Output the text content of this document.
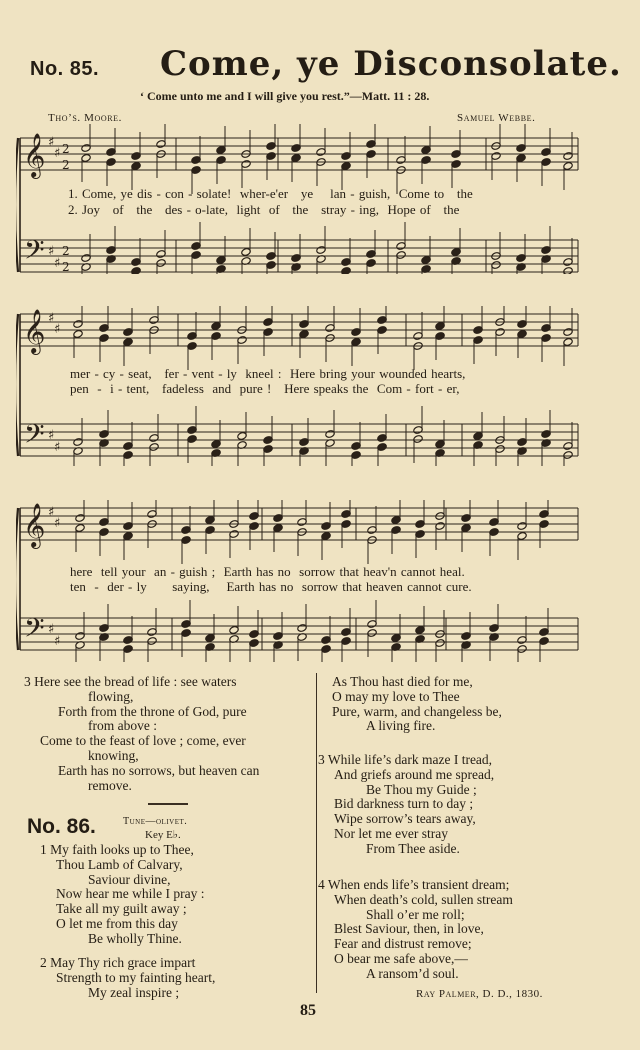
No. 85. Come, ye Disconsolate.
‘ Come unto me and I will give you rest.”—Matt. 11 : 28.
Tho’s. Moore.	Samuel Webbe.
𝄞
𝄢
♯
♯
♯
♯
2
2
2
2
1. Come, ye dis - con - solate!  wher-e'er   ye    lan - guish,  Come to   the
2. Joy   of   the   des - o-late,  light  of   the   stray - ing,  Hope of   the
𝄞
𝄢
♯
♯
♯
♯
mer - cy - seat,   fer - vent - ly  kneel :  Here bring your wounded hearts,
pen  -  i - tent,   fadeless  and  pure !   Here speaks the  Com - fort - er,
𝄞
𝄢
♯
♯
♯
♯
here  tell your  an - guish ;  Earth has no  sorrow that heav'n cannot heal.
ten  -  der - ly      saying,    Earth has no  sorrow that heaven cannot cure.
3 Here see the bread of life : see waters
flowing,
Forth from the throne of God, pure
from above :
Come to the feast of love ; come, ever
knowing,
Earth has no sorrows, but heaven can
remove.
No. 86.	Tune—olivet.
Key E♭.
1 My faith looks up to Thee,
Thou Lamb of Calvary,
Saviour divine,
Now hear me while I pray :
Take all my guilt away ;
O let me from this day
Be wholly Thine.
2 May Thy rich grace impart
Strength to my fainting heart,
My zeal inspire ;
As Thou hast died for me,
O may my love to Thee
Pure, warm, and changeless be,
A living fire.
3 While life’s dark maze I tread,
And griefs around me spread,
Be Thou my Guide ;
Bid darkness turn to day ;
Wipe sorrow’s tears away,
Nor let me ever stray
From Thee aside.
4 When ends life’s transient dream;
When death’s cold, sullen stream
Shall o’er me roll;
Blest Saviour, then, in love,
Fear and distrust remove;
O bear me safe above,—
A ransom’d soul.
Ray Palmer, D. D., 1830.
85
